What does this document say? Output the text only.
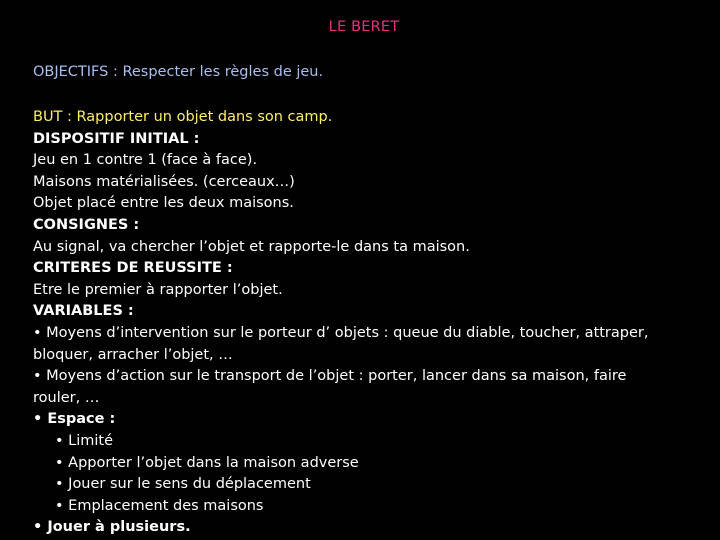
LE BERET
OBJECTIFS : Respecter les règles de jeu.
BUT : Rapporter un objet dans son camp.
DISPOSITIF INITIAL :
Jeu en 1 contre 1 (face à face).
Maisons matérialisées. (cerceaux…)
Objet placé entre les deux maisons.
CONSIGNES :
Au signal, va chercher l’objet et rapporte-le dans ta maison.
CRITERES DE REUSSITE :
Etre le premier à rapporter l’objet.
VARIABLES :
• Moyens d’intervention sur le porteur d’ objets : queue du diable, toucher, attraper,
bloquer, arracher l’objet, …
• Moyens d’action sur le transport de l’objet : porter, lancer dans sa maison, faire
rouler, …
• Espace :
• Limité
• Apporter l’objet dans la maison adverse
• Jouer sur le sens du déplacement
• Emplacement des maisons
• Jouer à plusieurs.
